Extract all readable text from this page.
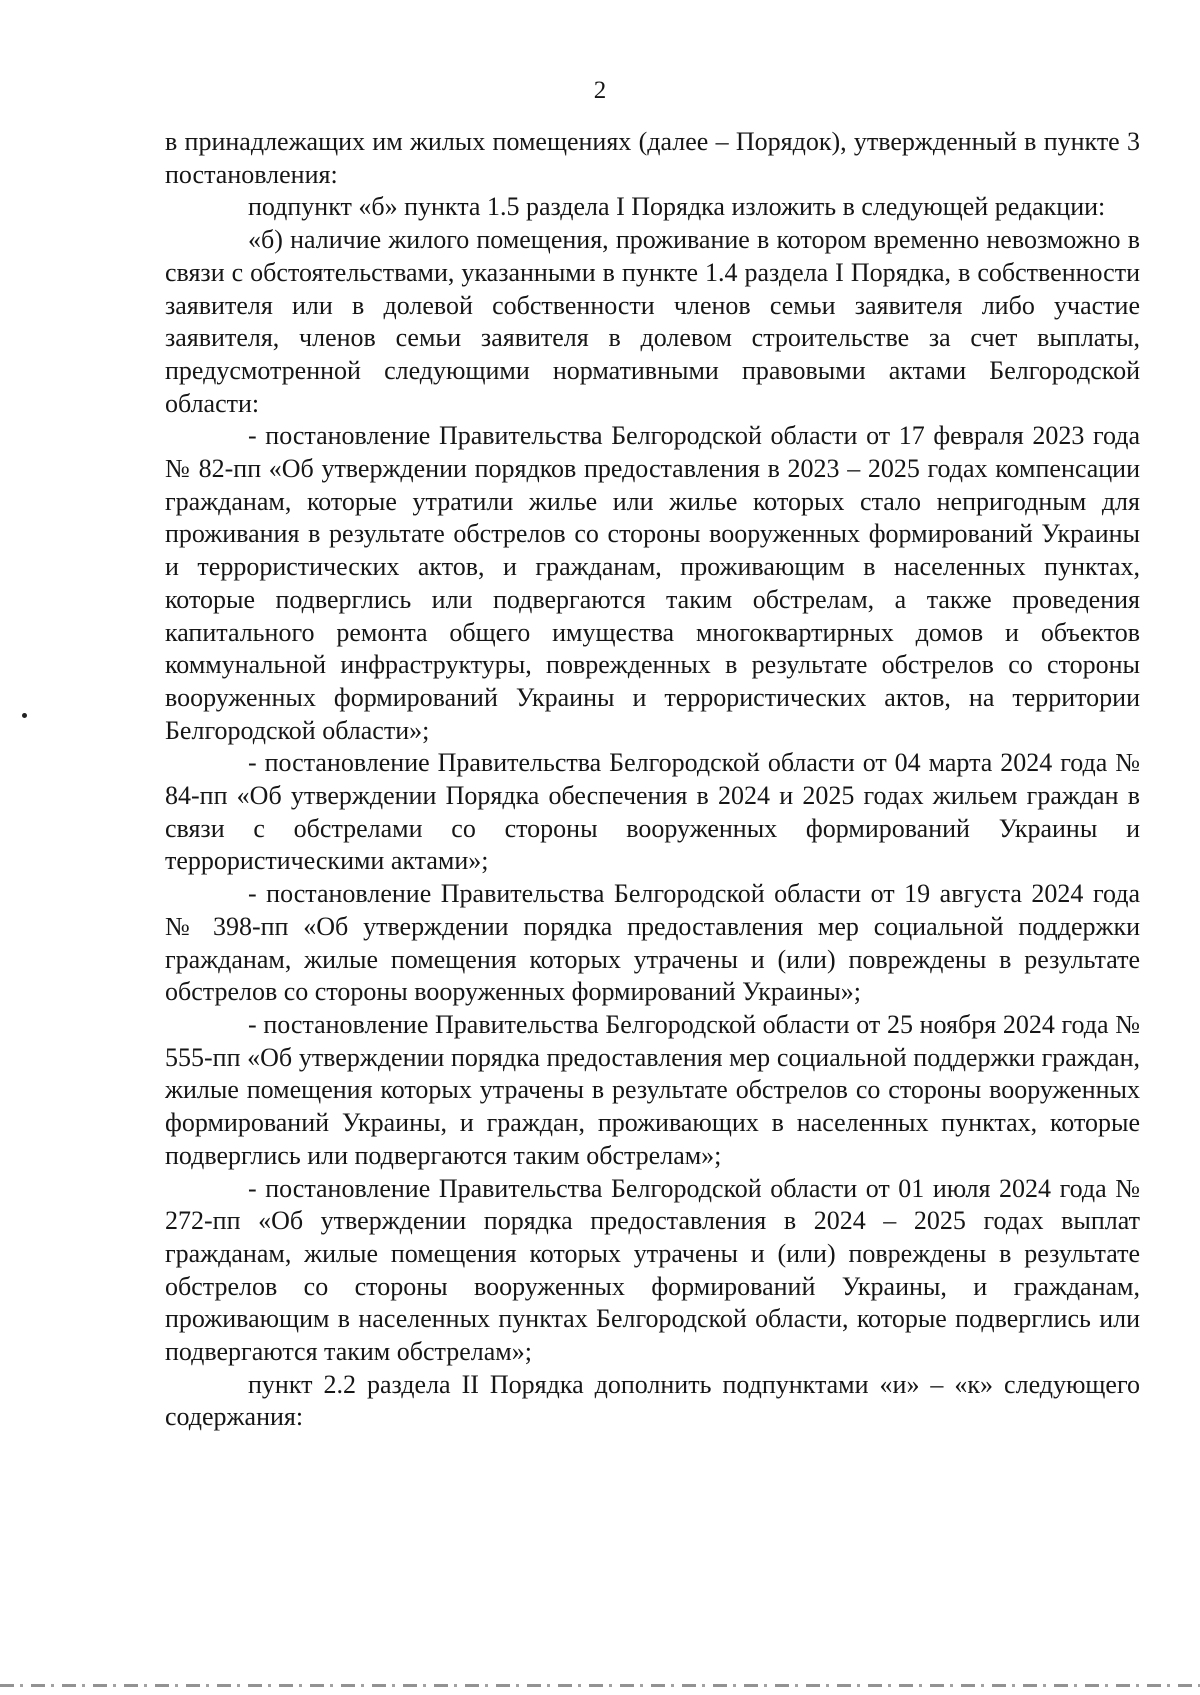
2

в принадлежащих им жилых помещениях (далее – Порядок), утвержденный в пункте 3 постановления:

подпункт «б» пункта 1.5 раздела I Порядка изложить в следующей редакции:

«б) наличие жилого помещения, проживание в котором временно невозможно в связи с обстоятельствами, указанными в пункте 1.4 раздела I Порядка, в собственности заявителя или в долевой собственности членов семьи заявителя либо участие заявителя, членов семьи заявителя в долевом строительстве за счет выплаты, предусмотренной следующими нормативными правовыми актами Белгородской области:

- постановление Правительства Белгородской области от 17 февраля 2023 года № 82-пп «Об утверждении порядков предоставления в 2023 – 2025 годах компенсации гражданам, которые утратили жилье или жилье которых стало непригодным для проживания в результате обстрелов со стороны вооруженных формирований Украины и террористических актов, и гражданам, проживающим в населенных пунктах, которые подверглись или подвергаются таким обстрелам, а также проведения капитального ремонта общего имущества многоквартирных домов и объектов коммунальной инфраструктуры, поврежденных в результате обстрелов со стороны вооруженных формирований Украины и террористических актов, на территории Белгородской области»;

- постановление Правительства Белгородской области от 04 марта 2024 года № 84-пп «Об утверждении Порядка обеспечения в 2024 и 2025 годах жильем граждан в связи с обстрелами со стороны вооруженных формирований Украины и террористическими актами»;

- постановление Правительства Белгородской области от 19 августа 2024 года № 398-пп «Об утверждении порядка предоставления мер социальной поддержки гражданам, жилые помещения которых утрачены и (или) повреждены в результате обстрелов со стороны вооруженных формирований Украины»;

- постановление Правительства Белгородской области от 25 ноября 2024 года № 555-пп «Об утверждении порядка предоставления мер социальной поддержки граждан, жилые помещения которых утрачены в результате обстрелов со стороны вооруженных формирований Украины, и граждан, проживающих в населенных пунктах, которые подверглись или подвергаются таким обстрелам»;

- постановление Правительства Белгородской области от 01 июля 2024 года № 272-пп «Об утверждении порядка предоставления в 2024 – 2025 годах выплат гражданам, жилые помещения которых утрачены и (или) повреждены в результате обстрелов со стороны вооруженных формирований Украины, и гражданам, проживающим в населенных пунктах Белгородской области, которые подверглись или подвергаются таким обстрелам»;

пункт 2.2 раздела II Порядка дополнить подпунктами «и» – «к» следующего содержания:
